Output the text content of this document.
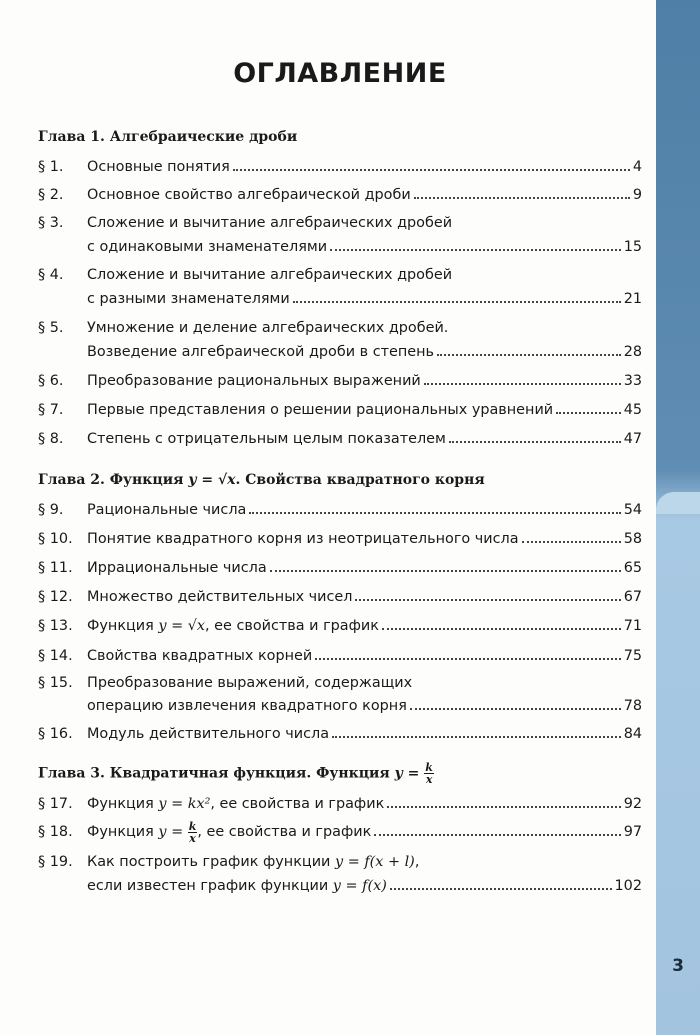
3
ОГЛАВЛЕНИЕ
Глава 1. Алгебраические дроби
§ 1. Основные понятия	4
§ 2. Основное свойство алгебраической дроби	9
§ 3. Сложение и вычитание алгебраических дробей
с одинаковыми знаменателями	15
§ 4. Сложение и вычитание алгебраических дробей
с разными знаменателями	21
§ 5. Умножение и деление алгебраических дробей.
Возведение алгебраической дроби в степень	28
§ 6. Преобразование рациональных выражений	33
§ 7. Первые представления о решении рациональных уравнений	45
§ 8. Степень с отрицательным целым показателем	47
Глава 2. Функция y = √x. Свойства квадратного корня
§ 9. Рациональные числа	54
§ 10. Понятие квадратного корня из неотрицательного числа	58
§ 11. Иррациональные числа	65
§ 12. Множество действительных чисел	67
§ 13. Функция y = √x, ее свойства и график	71
§ 14. Свойства квадратных корней	75
§ 15. Преобразование выражений, содержащих
операцию извлечения квадратного корня	78
§ 16. Модуль действительного числа	84
Глава 3. Квадратичная функция. Функция $y = \frac{k}{x}$
§ 17. Функция y = kx², ее свойства и график	92
§ 18. Функция $y = \frac{k}{x}$ , ее свойства и график	97
§ 19. Как построить график функции y = f(x + l),
если известен график функции y = f(x)	102
